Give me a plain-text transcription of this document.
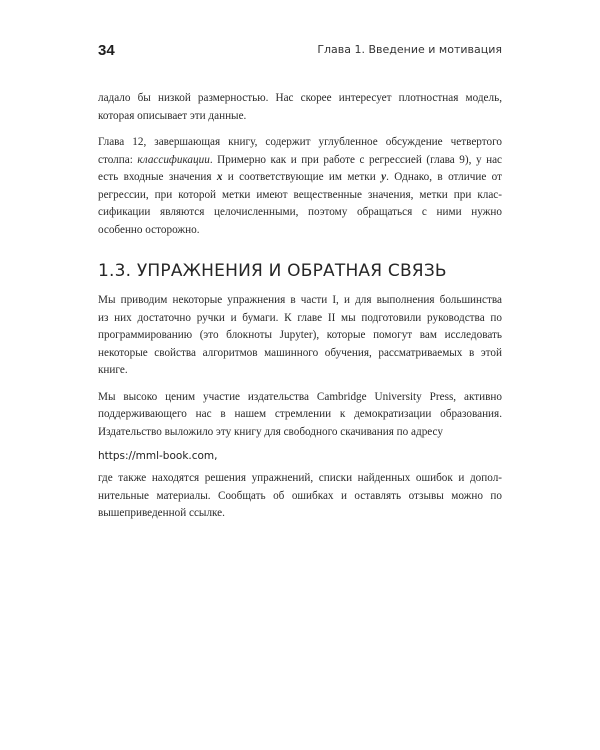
34	Глава 1. Введение и мотивация

ладало бы низкой размерностью. Нас скорее интересует плотностная модель,
которая описывает эти данные.

Глава 12, завершающая книгу, содержит углубленное обсуждение четвертого
столпа: классификации. Примерно как и при работе с регрессией (глава 9), у нас
есть входные значения x и соответствующие им метки y. Однако, в отличие от
регрессии, при которой метки имеют вещественные значения, метки при клас-
сификации являются целочисленными, поэтому обращаться с ними нужно
особенно осторожно.

1.3. УПРАЖНЕНИЯ И ОБРАТНАЯ СВЯЗЬ

Мы приводим некоторые упражнения в части I, и для выполнения большинства
из них достаточно ручки и бумаги. К главе II мы подготовили руководства по
программированию (это блокноты Jupyter), которые помогут вам исследовать
некоторые свойства алгоритмов машинного обучения, рассматриваемых в этой
книге.

Мы высоко ценим участие издательства Cambridge University Press, активно
поддерживающего нас в нашем стремлении к демократизации образования.
Издательство выложило эту книгу для свободного скачивания по адресу

https://mml-book.com,

где также находятся решения упражнений, списки найденных ошибок и допол-
нительные материалы. Сообщать об ошибках и оставлять отзывы можно по
вышеприведенной ссылке.
